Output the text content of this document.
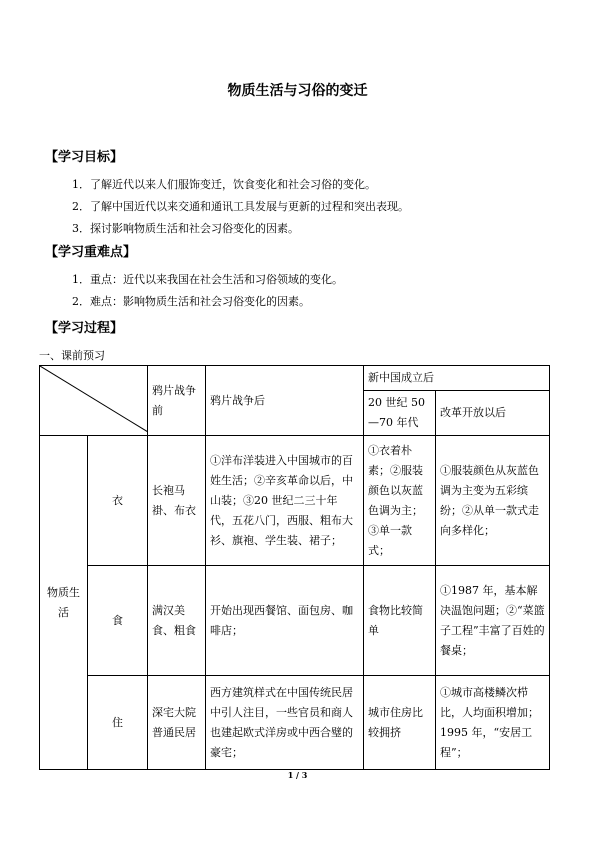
物质生活与习俗的变迁
【学习目标】
1．了解近代以来人们服饰变迁，饮食变化和社会习俗的变化。
2．了解中国近代以来交通和通讯工具发展与更新的过程和突出表现。
3．探讨影响物质生活和社会习俗变化的因素。
【学习重难点】
1．重点：近代以来我国在社会生活和习俗领域的变化。
2．难点：影响物质生活和社会习俗变化的因素。
【学习过程】
一、课前预习
	鸦片战争前	鸦片战争后	新中国成立后	
				20 世纪 50—70 年代	改革开放以后
物质生活	衣	长袍马褂、布衣	①洋布洋装进入中国城市的百姓生活；②辛亥革命以后，中山装；③20 世纪二三十年代，五花八门，西服、粗布大衫、旗袍、学生装、裙子；	①衣着朴素；②服装颜色以灰蓝色调为主；③单一款式；	①服装颜色从灰蓝色调为主变为五彩缤纷；②从单一款式走向多样化；
	食	满汉美食、粗食	开始出现西餐馆、面包房、咖啡店；	食物比较简单	①1987 年，基本解决温饱问题；②“菜篮子工程”丰富了百姓的餐桌；
	住	深宅大院 普通民居	西方建筑样式在中国传统民居中引人注目，一些官员和商人也建起欧式洋房或中西合璧的豪宅；	城市住房比较拥挤	①城市高楼鳞次栉比，人均面积增加；1995 年，“安居工程”；
1 / 3
